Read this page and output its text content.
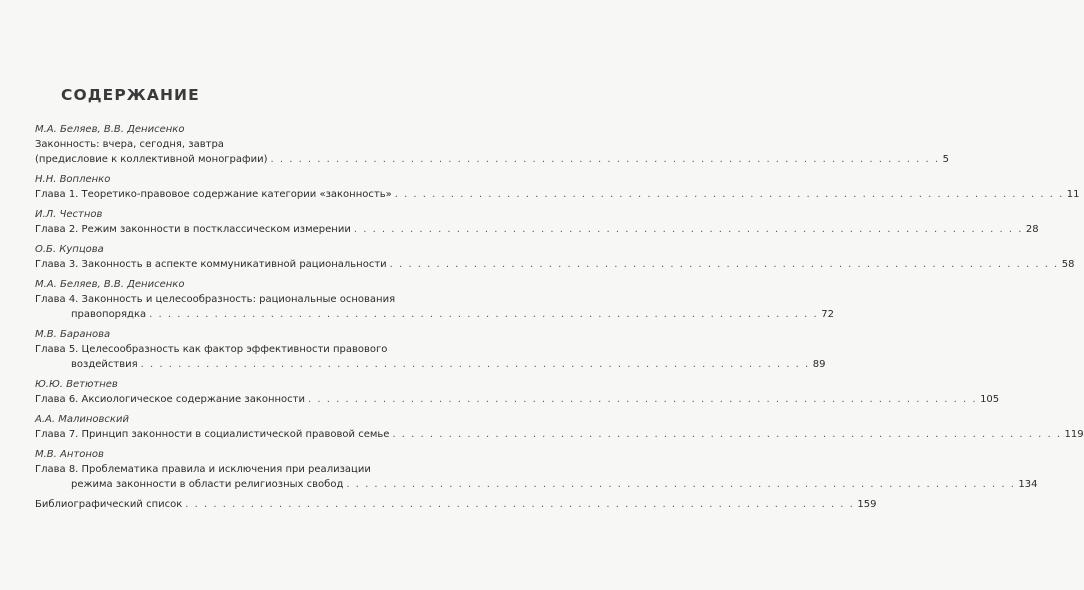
СОДЕРЖАНИЕ
М.А. Беляев, В.В. Денисенко
Законность: вчера, сегодня, завтра
(предисловие к коллективной монографии) . . . . . . . . . . . . . . . . . . . . . . . . . . . . . . . . . . . . . . . . . . . . . . . . . . . . . . . . . . . . . . . . . . . . . . . . 5
Н.Н. Вопленко
Глава 1. Теоретико-правовое содержание категории «законность» . . . . . . . . . . . . . . . . . . . . . . . . . . . . . . . . . . . . . . . . . . . . . . . . . . . . . . . . . . . . . . . . . . . . . . . . 11
И.Л. Честнов
Глава 2. Режим законности в постклассическом измерении . . . . . . . . . . . . . . . . . . . . . . . . . . . . . . . . . . . . . . . . . . . . . . . . . . . . . . . . . . . . . . . . . . . . . . . . 28
О.Б. Купцова
Глава 3. Законность в аспекте коммуникативной рациональности . . . . . . . . . . . . . . . . . . . . . . . . . . . . . . . . . . . . . . . . . . . . . . . . . . . . . . . . . . . . . . . . . . . . . . . . 58
М.А. Беляев, В.В. Денисенко
Глава 4. Законность и целесообразность: рациональные основания
правопорядка . . . . . . . . . . . . . . . . . . . . . . . . . . . . . . . . . . . . . . . . . . . . . . . . . . . . . . . . . . . . . . . . . . . . . . . . 72
М.В. Баранова
Глава 5. Целесообразность как фактор эффективности правового
воздействия . . . . . . . . . . . . . . . . . . . . . . . . . . . . . . . . . . . . . . . . . . . . . . . . . . . . . . . . . . . . . . . . . . . . . . . . 89
Ю.Ю. Ветютнев
Глава 6. Аксиологическое содержание законности . . . . . . . . . . . . . . . . . . . . . . . . . . . . . . . . . . . . . . . . . . . . . . . . . . . . . . . . . . . . . . . . . . . . . . . . 105
А.А. Малиновский
Глава 7. Принцип законности в социалистической правовой семье . . . . . . . . . . . . . . . . . . . . . . . . . . . . . . . . . . . . . . . . . . . . . . . . . . . . . . . . . . . . . . . . . . . . . . . . 119
М.В. Антонов
Глава 8. Проблематика правила и исключения при реализации
режима законности в области религиозных свобод . . . . . . . . . . . . . . . . . . . . . . . . . . . . . . . . . . . . . . . . . . . . . . . . . . . . . . . . . . . . . . . . . . . . . . . . 134
Библиографический список . . . . . . . . . . . . . . . . . . . . . . . . . . . . . . . . . . . . . . . . . . . . . . . . . . . . . . . . . . . . . . . . . . . . . . . . 159
